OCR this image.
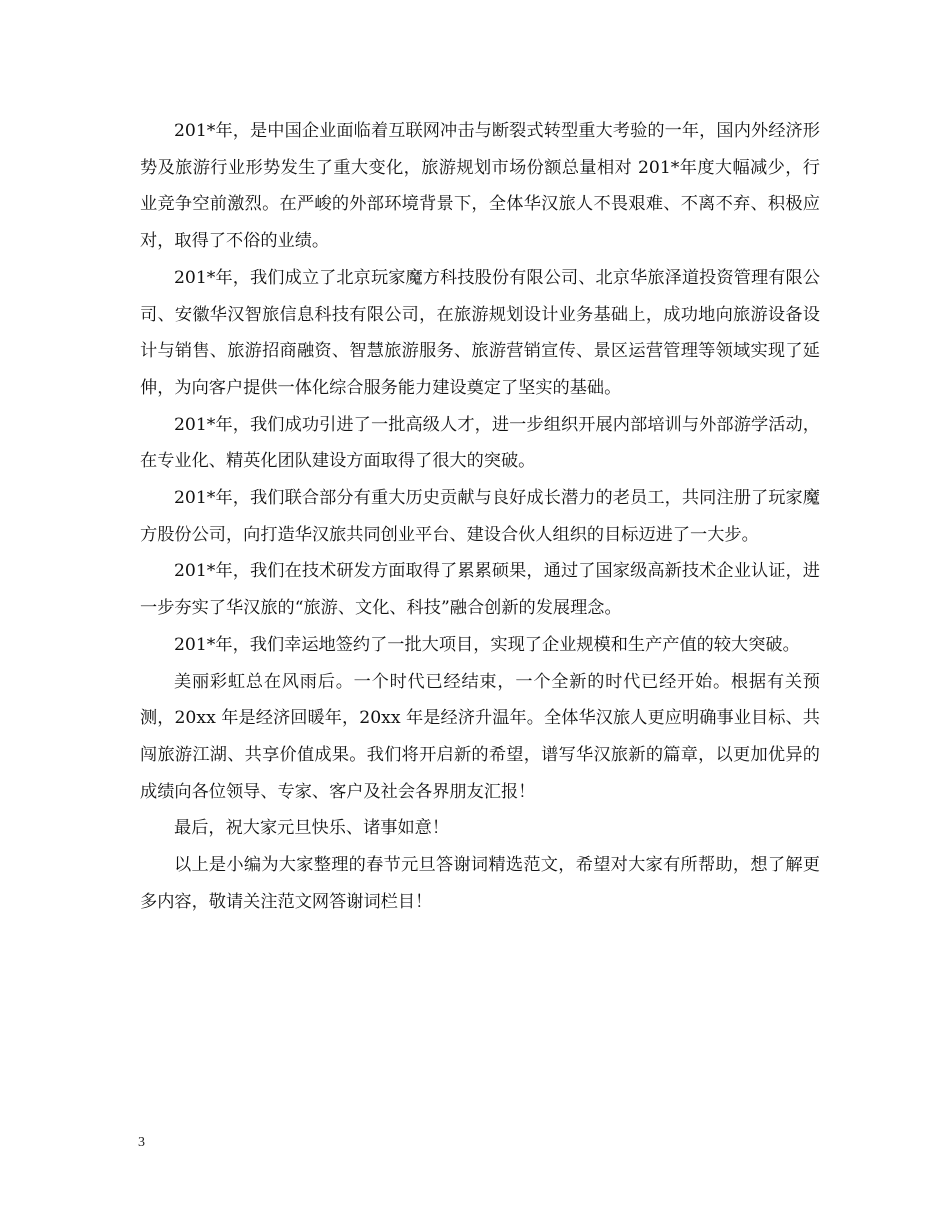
201*年，是中国企业面临着互联网冲击与断裂式转型重大考验的一年，国内外经济形势及旅游行业形势发生了重大变化，旅游规划市场份额总量相对 201*年度大幅减少，行业竞争空前激烈。在严峻的外部环境背景下，全体华汉旅人不畏艰难、不离不弃、积极应对，取得了不俗的业绩。

201*年，我们成立了北京玩家魔方科技股份有限公司、北京华旅泽道投资管理有限公司、安徽华汉智旅信息科技有限公司，在旅游规划设计业务基础上，成功地向旅游设备设计与销售、旅游招商融资、智慧旅游服务、旅游营销宣传、景区运营管理等领域实现了延伸，为向客户提供一体化综合服务能力建设奠定了坚实的基础。

201*年，我们成功引进了一批高级人才，进一步组织开展内部培训与外部游学活动，在专业化、精英化团队建设方面取得了很大的突破。

201*年，我们联合部分有重大历史贡献与良好成长潜力的老员工，共同注册了玩家魔方股份公司，向打造华汉旅共同创业平台、建设合伙人组织的目标迈进了一大步。

201*年，我们在技术研发方面取得了累累硕果，通过了国家级高新技术企业认证，进一步夯实了华汉旅的“旅游、文化、科技”融合创新的发展理念。

201*年，我们幸运地签约了一批大项目，实现了企业规模和生产产值的较大突破。

美丽彩虹总在风雨后。一个时代已经结束，一个全新的时代已经开始。根据有关预测，20xx 年是经济回暖年，20xx 年是经济升温年。全体华汉旅人更应明确事业目标、共闯旅游江湖、共享价值成果。我们将开启新的希望，谱写华汉旅新的篇章，以更加优异的成绩向各位领导、专家、客户及社会各界朋友汇报！

最后，祝大家元旦快乐、诸事如意！

以上是小编为大家整理的春节元旦答谢词精选范文，希望对大家有所帮助，想了解更多内容，敬请关注范文网答谢词栏目！

3
